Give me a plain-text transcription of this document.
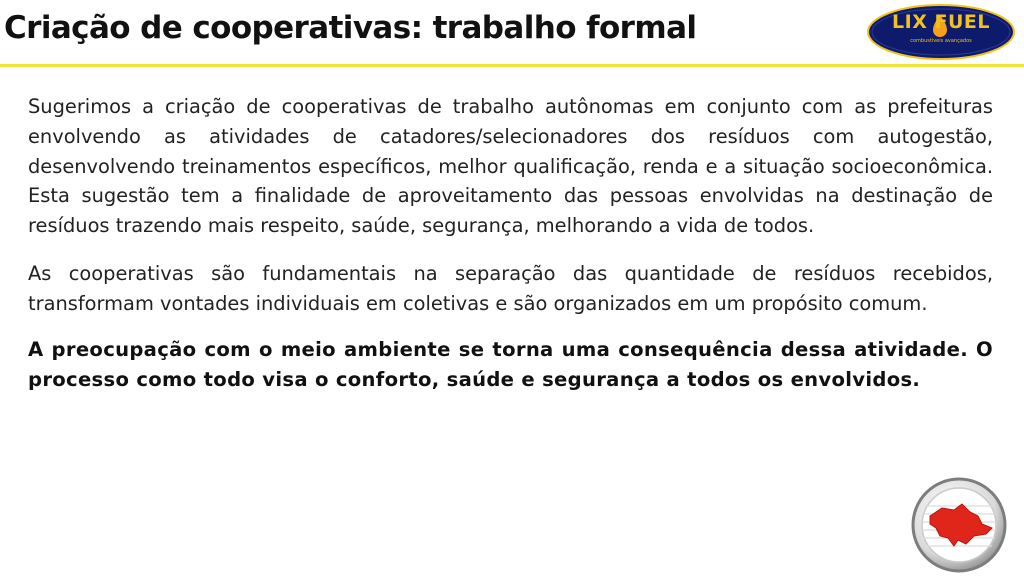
Criação de cooperativas: trabalho formal	LIX FUEL
combustíveis avançados

Sugerimos a criação de cooperativas de trabalho autônomas em conjunto com as prefeituras envolvendo as atividades de catadores/selecionadores dos resíduos com autogestão, desenvolvendo treinamentos específicos, melhor qualificação, renda e a situação socioeconômica. Esta sugestão tem a finalidade de aproveitamento das pessoas envolvidas na destinação de resíduos trazendo mais respeito, saúde, segurança, melhorando a vida de todos.

As cooperativas são fundamentais na separação das quantidade de resíduos recebidos, transformam vontades individuais em coletivas e são organizados em um propósito comum.

A preocupação com o meio ambiente se torna uma consequência dessa atividade. O processo como todo visa o conforto, saúde e segurança a todos os envolvidos.
